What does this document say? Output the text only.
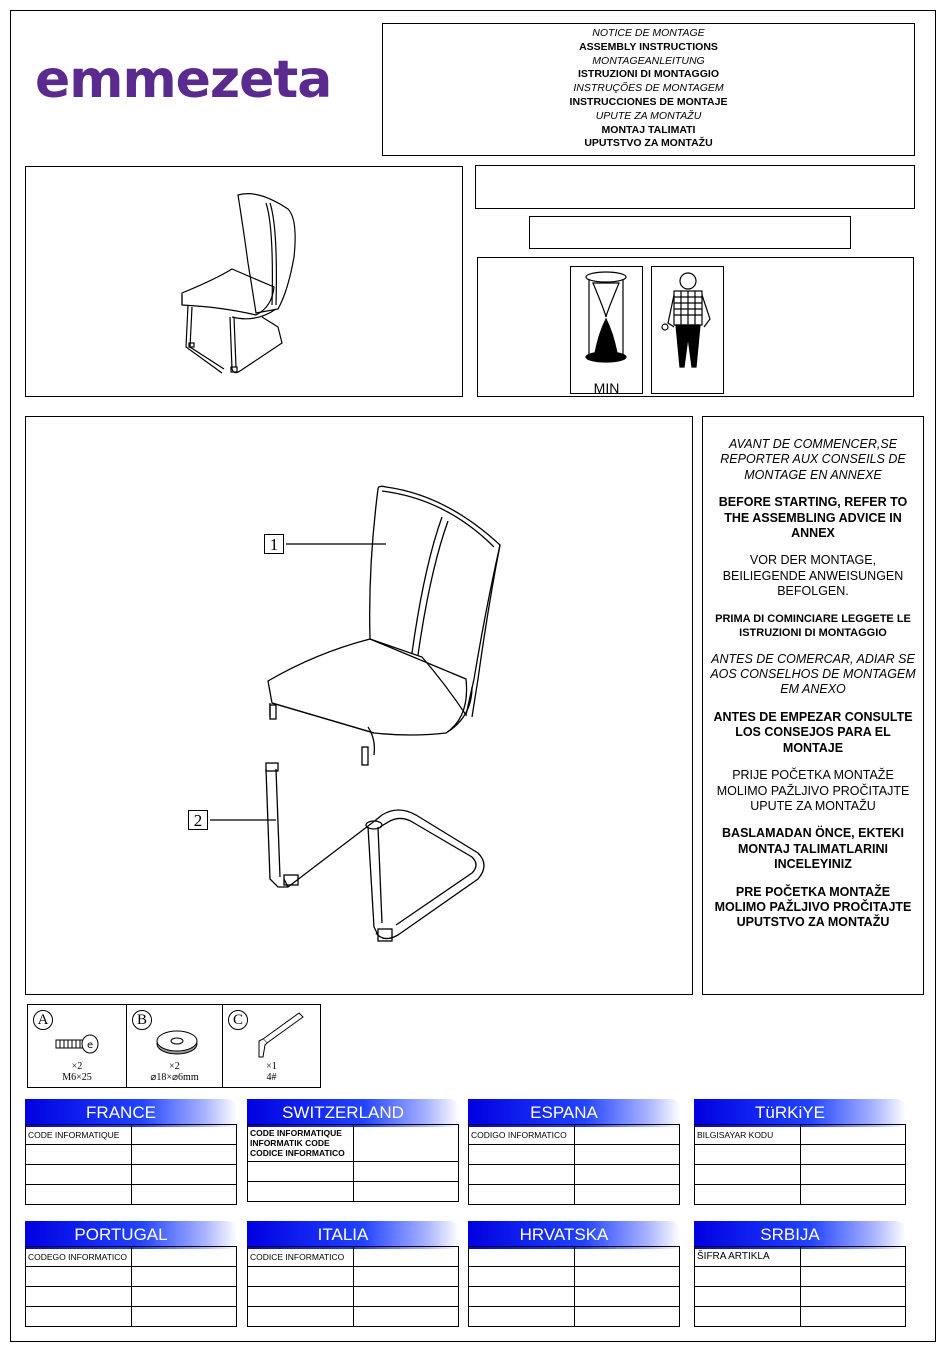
emmezeta
NOTICE DE MONTAGE
ASSEMBLY INSTRUCTIONS
MONTAGEANLEITUNG
ISTRUZIONI DI MONTAGGIO
INSTRUÇÕES DE MONTAGEM
INSTRUCCIONES DE MONTAJE
UPUTE ZA MONTAŽU
MONTAJ TALIMATI
UPUTSTVO ZA MONTAŽU
MIN
1
2

AVANT DE COMMENCER,SE REPORTER AUX CONSEILS DE MONTAGE EN ANNEXE

BEFORE STARTING, REFER TO THE ASSEMBLING ADVICE IN ANNEX

VOR DER MONTAGE, BEILIEGENDE ANWEISUNGEN BEFOLGEN.

PRIMA DI COMINCIARE LEGGETE LE ISTRUZIONI DI MONTAGGIO

ANTES DE COMERCAR, ADIAR SE AOS CONSELHOS DE MONTAGEM EM ANEXO

ANTES DE EMPEZAR CONSULTE LOS CONSEJOS PARA EL MONTAJE

PRIJE POČETKA MONTAŽE MOLIMO PAŽLJIVO PROČITAJTE UPUTE ZA MONTAŽU

BASLAMADAN ÖNCE, EKTEKI MONTAJ TALIMATLARINI INCELEYINIZ

PRE POČETKA MONTAŽE MOLIMO PAŽLJIVO PROČITAJTE UPUTSTVO ZA MONTAŽU

A
e
×2
M6×25
B
×2
⌀18×⌀6mm
C
×1
4#
FRANCE
CODE INFORMATIQUE	

SWITZERLAND
CODE INFORMATIQUE
INFORMATIK CODE
CODICE INFORMATICO	

ESPANA
CODIGO INFORMATICO	

TüRKiYE
BILGISAYAR KODU	

PORTUGAL
CODEGO INFORMATICO	

ITALIA
CODICE INFORMATICO	

HRVATSKA

		SRBIJA
ŠIFRA ARTIKLA	
